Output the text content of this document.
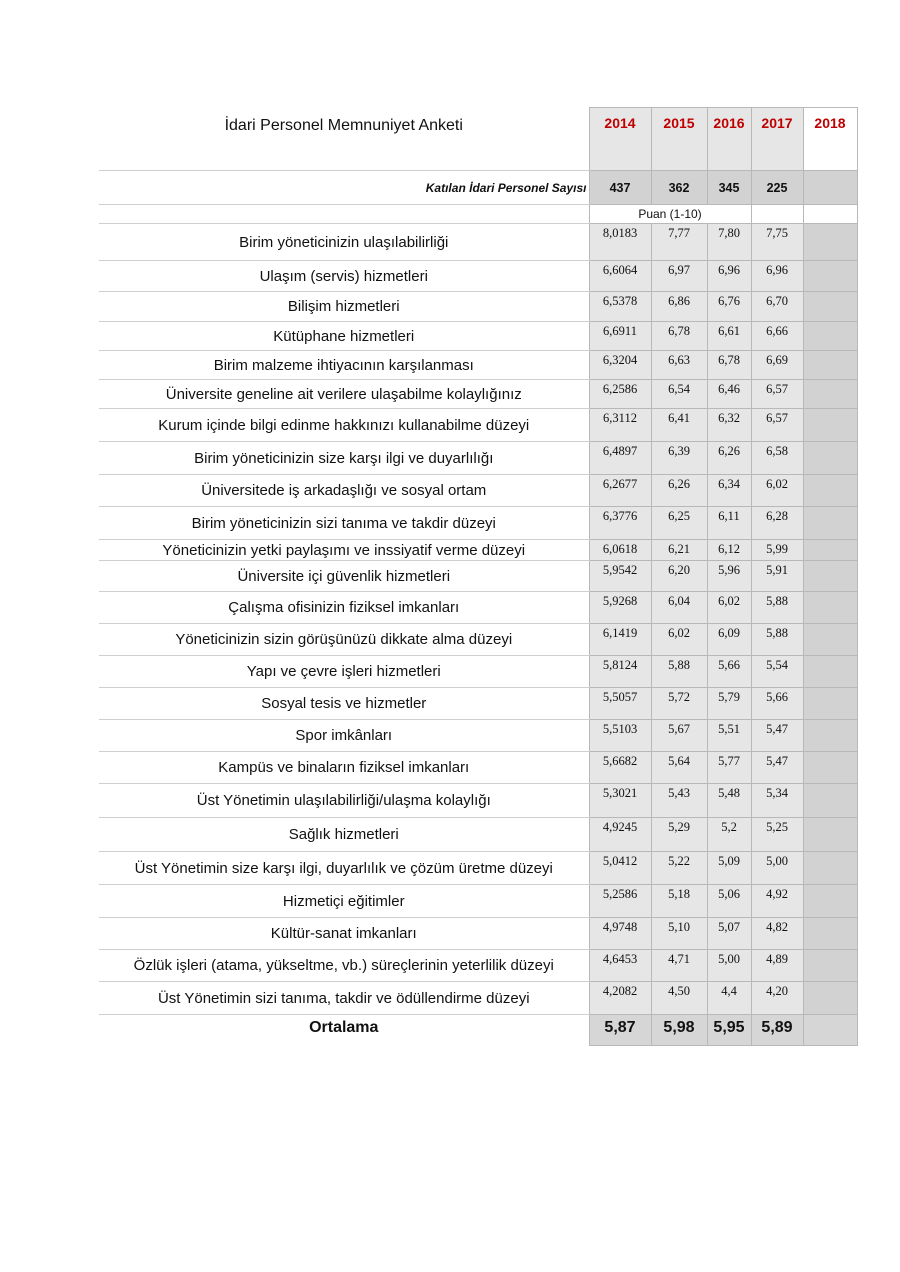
İdari Personel Memnuniyet Anketi	2014	2015	2016	2017	2018
Katılan İdari Personel Sayısı	437	362	345	225	
	Puan (1-10)				
Birim yöneticinizin ulaşılabilirliği	8,0183	7,77	7,80	7,75	
Ulaşım (servis) hizmetleri	6,6064	6,97	6,96	6,96	
Bilişim hizmetleri	6,5378	6,86	6,76	6,70	
Kütüphane hizmetleri	6,6911	6,78	6,61	6,66	
Birim malzeme ihtiyacının karşılanması	6,3204	6,63	6,78	6,69	
Üniversite geneline ait verilere ulaşabilme kolaylığınız	6,2586	6,54	6,46	6,57	
Kurum içinde bilgi edinme hakkınızı kullanabilme düzeyi	6,3112	6,41	6,32	6,57	
Birim yöneticinizin size karşı ilgi ve duyarlılığı	6,4897	6,39	6,26	6,58	
Üniversitede iş arkadaşlığı ve sosyal ortam	6,2677	6,26	6,34	6,02	
Birim yöneticinizin sizi tanıma ve takdir düzeyi	6,3776	6,25	6,11	6,28	
Yöneticinizin yetki paylaşımı ve inssiyatif verme düzeyi	6,0618	6,21	6,12	5,99	
Üniversite içi güvenlik hizmetleri	5,9542	6,20	5,96	5,91	
Çalışma ofisinizin fiziksel imkanları	5,9268	6,04	6,02	5,88	
Yöneticinizin sizin görüşünüzü dikkate alma düzeyi	6,1419	6,02	6,09	5,88	
Yapı ve çevre işleri hizmetleri	5,8124	5,88	5,66	5,54	
Sosyal tesis ve hizmetler	5,5057	5,72	5,79	5,66	
Spor imkânları	5,5103	5,67	5,51	5,47	
Kampüs ve binaların fiziksel imkanları	5,6682	5,64	5,77	5,47	
Üst Yönetimin ulaşılabilirliği/ulaşma kolaylığı	5,3021	5,43	5,48	5,34	
Sağlık hizmetleri	4,9245	5,29	5,2	5,25	
Üst Yönetimin size karşı ilgi, duyarlılık ve çözüm üretme düzeyi	5,0412	5,22	5,09	5,00	
Hizmetiçi eğitimler	5,2586	5,18	5,06	4,92	
Kültür-sanat imkanları	4,9748	5,10	5,07	4,82	
Özlük işleri (atama, yükseltme, vb.) süreçlerinin yeterlilik düzeyi	4,6453	4,71	5,00	4,89	
Üst Yönetimin sizi tanıma, takdir ve ödüllendirme düzeyi	4,2082	4,50	4,4	4,20	
Ortalama	5,87	5,98	5,95	5,89	
